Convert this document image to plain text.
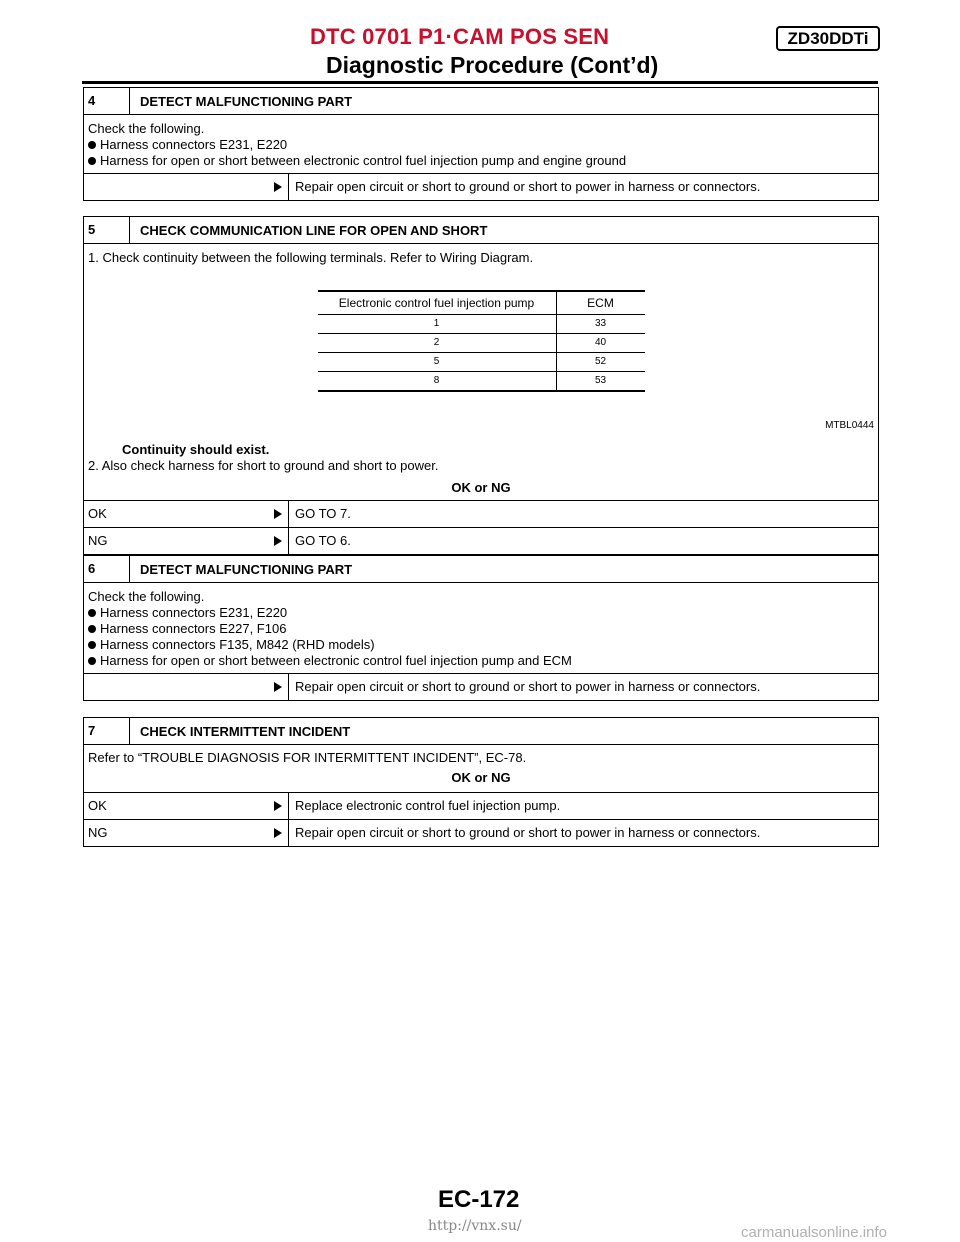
DTC 0701 P1·CAM POS SEN	ZD30DDTi
Diagnostic Procedure (Cont’d)
4	DETECT MALFUNCTIONING PART
Check the following.
Harness connectors E231, E220
Harness for open or short between electronic control fuel injection pump and engine ground
Repair open circuit or short to ground or short to power in harness or connectors.
5	CHECK COMMUNICATION LINE FOR OPEN AND SHORT
1. Check continuity between the following terminals. Refer to Wiring Diagram.
Electronic control fuel injection pump	ECM
1	33
2	40
5	52
8	53
MTBL0444
Continuity should exist.
2. Also check harness for short to ground and short to power.
OK or NG
OK	GO TO 7.
NG	GO TO 6.
6	DETECT MALFUNCTIONING PART
Check the following.
Harness connectors E231, E220
Harness connectors E227, F106
Harness connectors F135, M842 (RHD models)
Harness for open or short between electronic control fuel injection pump and ECM
Repair open circuit or short to ground or short to power in harness or connectors.
7	CHECK INTERMITTENT INCIDENT
Refer to “TROUBLE DIAGNOSIS FOR INTERMITTENT INCIDENT”, EC-78.
OK or NG
OK	Replace electronic control fuel injection pump.
NG	Repair open circuit or short to ground or short to power in harness or connectors.
EC-172
http://vnx.su/	carmanualsonline.info
